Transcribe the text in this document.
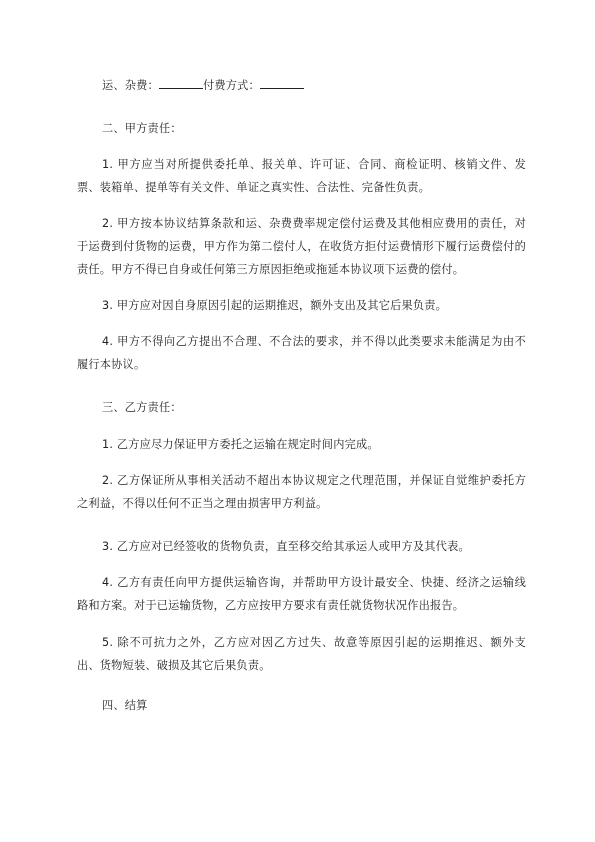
运、杂费：	付费方式：

二、甲方责任：

1. 甲方应当对所提供委托单、报关单、许可证、合同、商检证明、核销文件、发票、装箱单、提单等有关文件、单证之真实性、合法性、完备性负责。

2. 甲方按本协议结算条款和运、杂费费率规定偿付运费及其他相应费用的责任，对于运费到付货物的运费，甲方作为第二偿付人，在收货方拒付运费情形下履行运费偿付的责任。甲方不得已自身或任何第三方原因拒绝或拖延本协议项下运费的偿付。

3. 甲方应对因自身原因引起的运期推迟，额外支出及其它后果负责。

4. 甲方不得向乙方提出不合理、不合法的要求，并不得以此类要求未能满足为由不履行本协议。

三、乙方责任：

1. 乙方应尽力保证甲方委托之运输在规定时间内完成。

2. 乙方保证所从事相关活动不超出本协议规定之代理范围，并保证自觉维护委托方之利益，不得以任何不正当之理由损害甲方利益。

3. 乙方应对已经签收的货物负责，直至移交给其承运人或甲方及其代表。

4. 乙方有责任向甲方提供运输咨询，并帮助甲方设计最安全、快捷、经济之运输线路和方案。对于已运输货物，乙方应按甲方要求有责任就货物状况作出报告。

5. 除不可抗力之外，乙方应对因乙方过失、故意等原因引起的运期推迟、额外支出、货物短装、破损及其它后果负责。

四、结算
